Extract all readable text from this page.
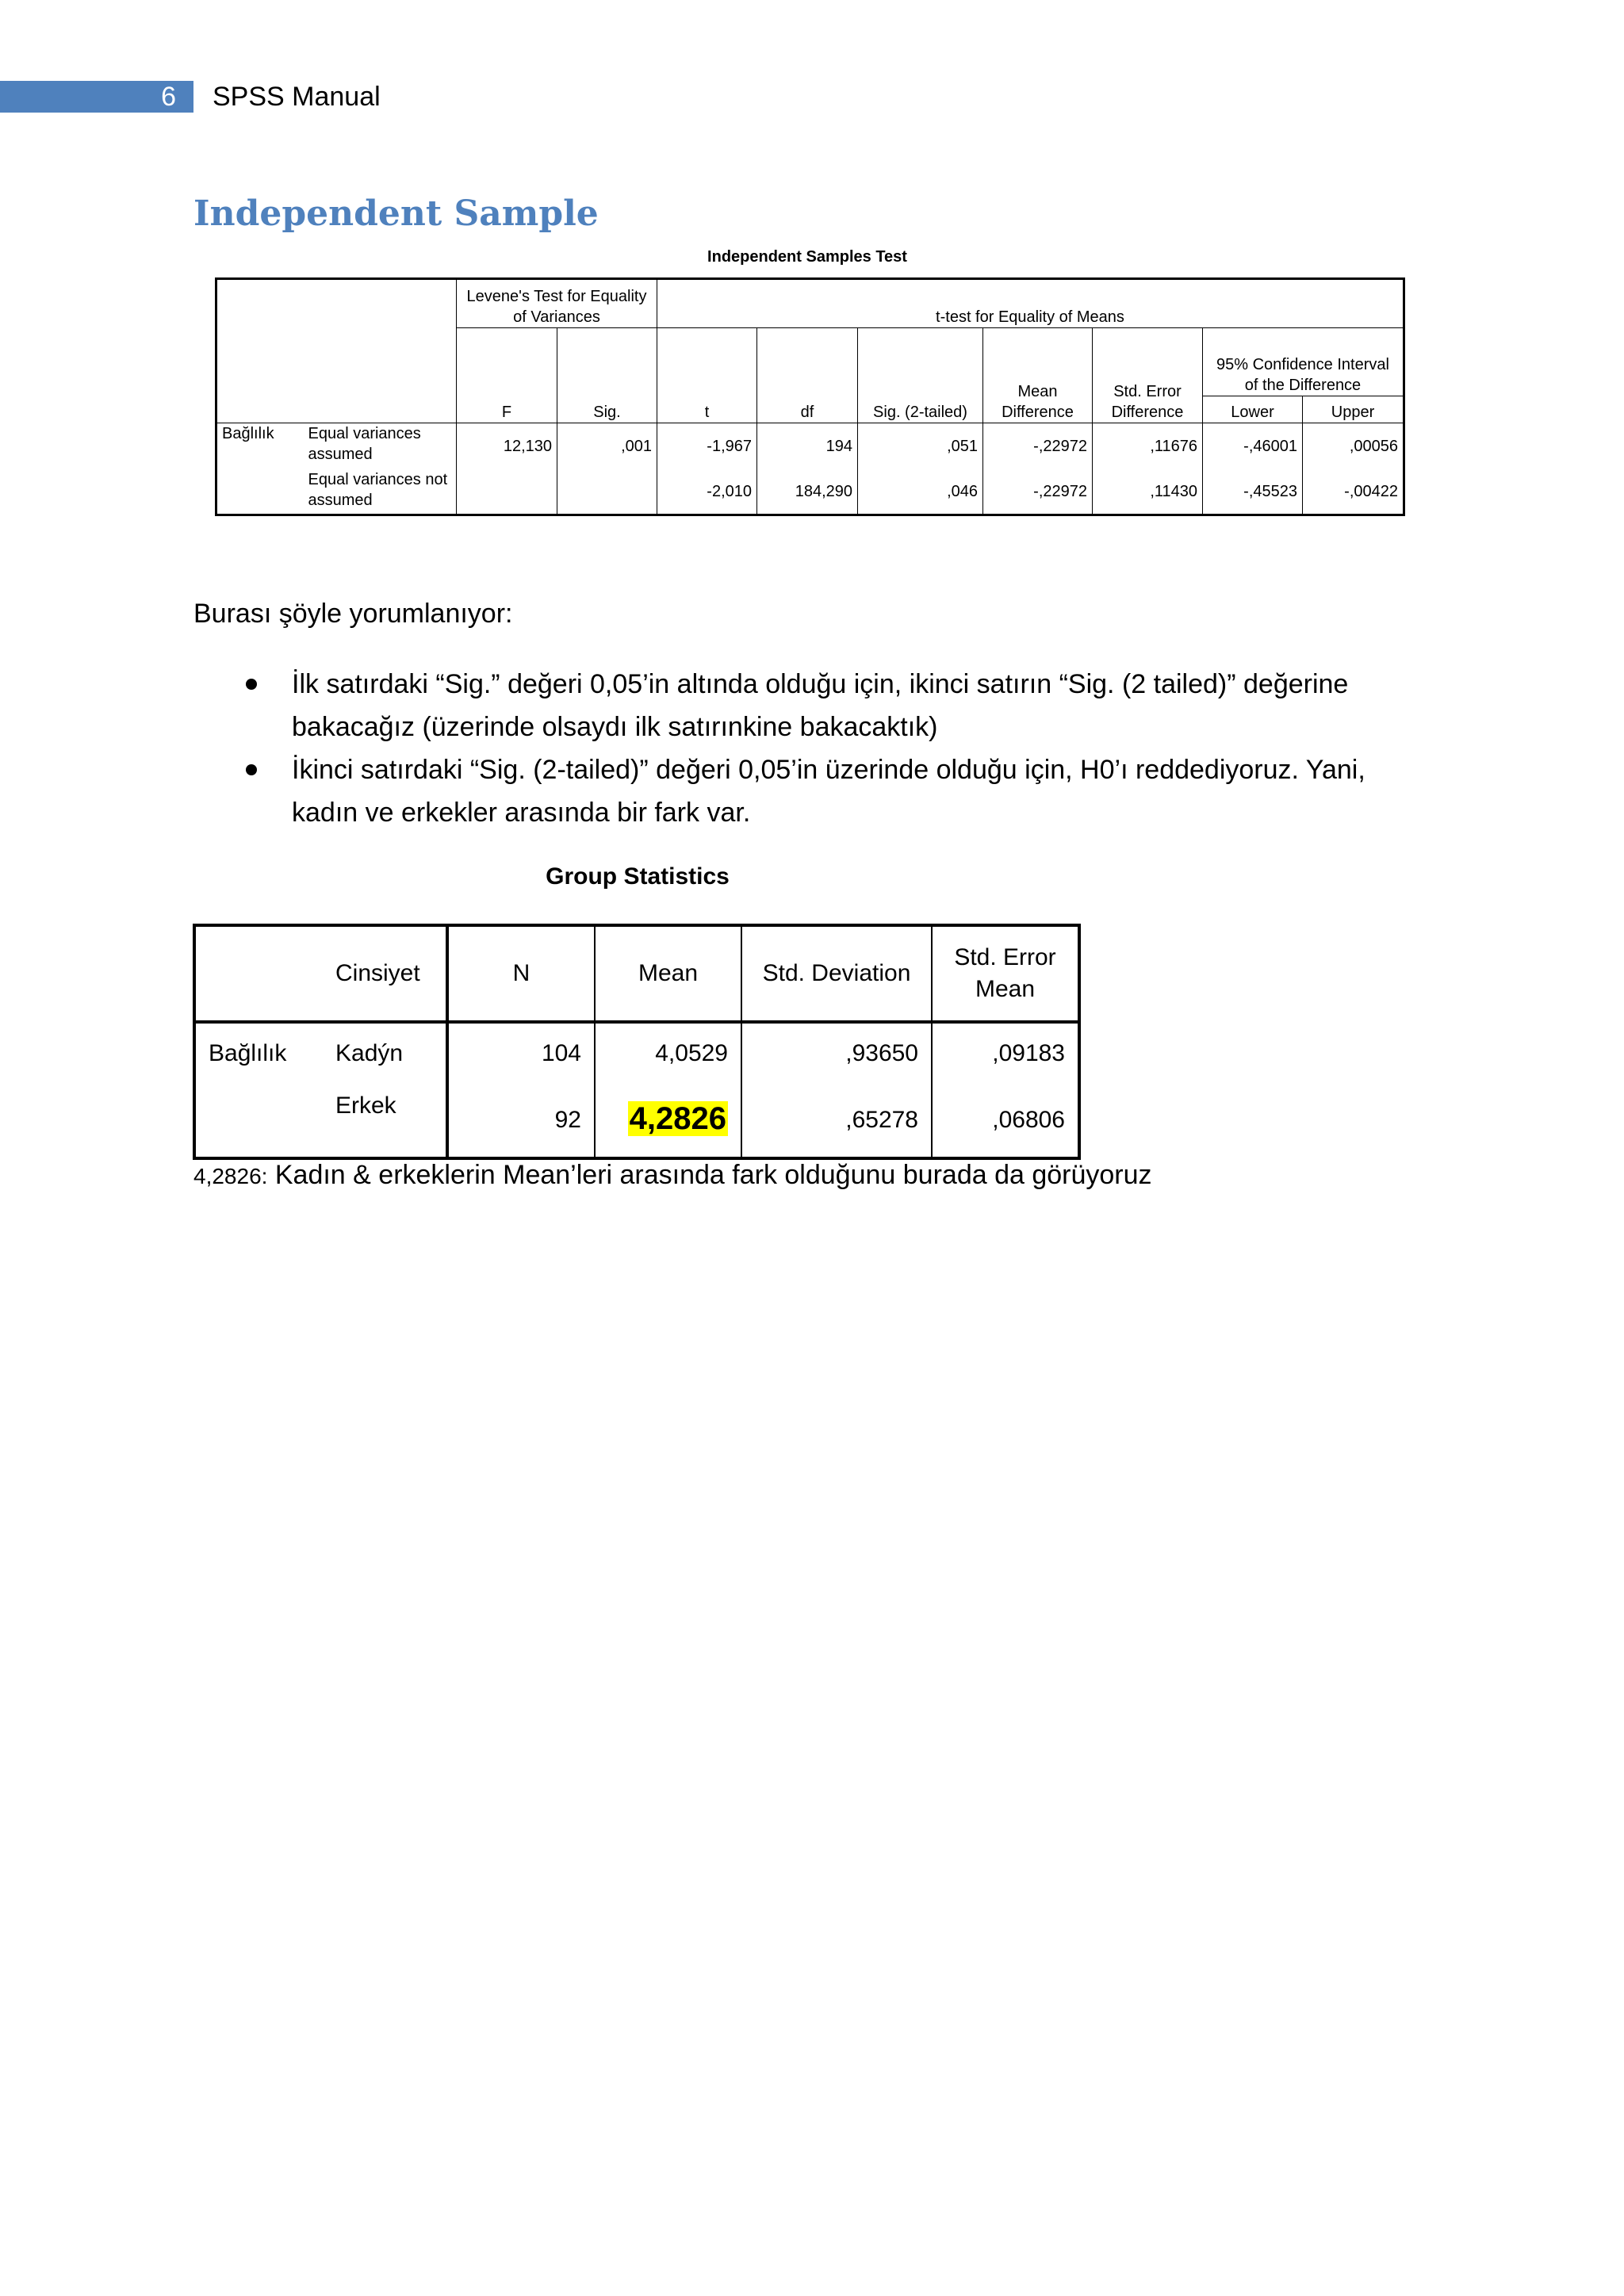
6	SPSS Manual
Independent Sample
Independent Samples Test
		Levene's Test for Equality of Variances		t-test for Equality of Means						
		F	Sig.	t	df	Sig. (2-tailed)	Mean Difference	Std. Error Difference	95% Confidence Interval of the Difference	
									Lower	Upper
Bağlılık	Equal variances assumed	12,130	,001	-1,967	194	,051	-,22972	,11676	-,46001	,00056
	Equal variances not assumed			-2,010	184,290	,046	-,22972	,11430	-,45523	-,00422
Burası şöyle yorumlanıyor:
İlk satırdaki “Sig.” değeri 0,05’in altında olduğu için, ikinci satırın “Sig. (2 tailed)” değerine bakacağız (üzerinde olsaydı ilk satırınkine bakacaktık)
İkinci satırdaki “Sig. (2-tailed)” değeri 0,05’in üzerinde olduğu için, H0’ı reddediyoruz. Yani, kadın ve erkekler arasında bir fark var.
Group Statistics
	Cinsiyet	N	Mean	Std. Deviation	Std. Error Mean
Bağlılık	Kadýn	104	4,0529	,93650	,09183
	Erkek	92	4,2826	,65278	,06806
4,2826: Kadın & erkeklerin Mean’leri arasında fark olduğunu burada da görüyoruz
